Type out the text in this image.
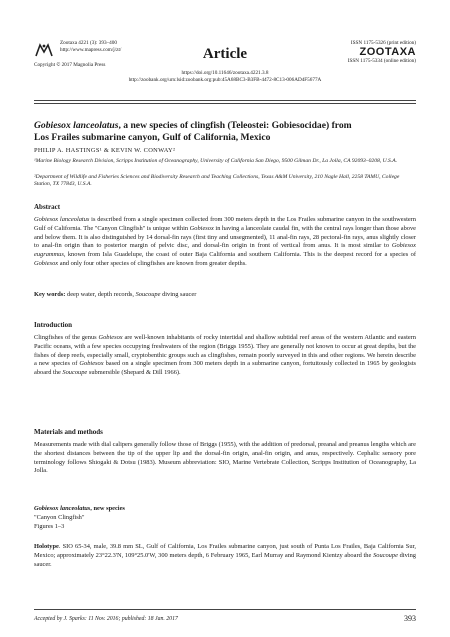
Zootaxa 4221 (3): 393–400
http://www.mapress.com/j/zt/
Copyright © 2017 Magnolia Press
Article
ISSN 1175-5326 (print edition)
ZOOTAXA
ISSN 1175-5334 (online edition)
https://doi.org/10.11646/zootaxa.4221.3.8
http://zoobank.org/urn:lsid:zoobank.org:pub:45A68BC3-B3FB-4472-8C13-006AD4F5677A
Gobiesox lanceolatus, a new species of clingfish (Teleostei: Gobiesocidae) from
Los Frailes submarine canyon, Gulf of California, Mexico
PHILIP A. HASTINGS¹ & KEVIN W. CONWAY²
¹Marine Biology Research Division, Scripps Institution of Oceanography, University of California San Diego, 9500 Gilman Dr., La Jolla, CA 92093–0208, U.S.A.
²Department of Wildlife and Fisheries Sciences and Biodiversity Research and Teaching Collections, Texas A&M University, 210 Nagle Hall, 2258 TAMU, College Station, TX 77843, U.S.A.
Abstract
Gobiesox lanceolatus is described from a single specimen collected from 300 meters depth in the Los Frailes submarine canyon in the southwestern Gulf of California. The "Canyon Clingfish" is unique within Gobiesox in having a lanceolate caudal fin, with the central rays longer than those above and below them. It is also distinguished by 14 dorsal-fin rays (first tiny and unsegmented), 11 anal-fin rays, 28 pectoral-fin rays, anus slightly closer to anal-fin origin than to posterior margin of pelvic disc, and dorsal-fin origin in front of vertical from anus. It is most similar to Gobiesox eugrammus, known from Isla Guadelupe, the coast of outer Baja California and southern California. This is the deepest record for a species of Gobiesox and only four other species of clingfishes are known from greater depths.
Key words: deep water, depth records, Soucoupe diving saucer
Introduction
Clingfishes of the genus Gobiesox are well-known inhabitants of rocky intertidal and shallow subtidal reef areas of the western Atlantic and eastern Pacific oceans, with a few species occupying freshwaters of the region (Briggs 1955). They are generally not known to occur at great depths, but the fishes of deep reefs, especially small, cryptobenthic groups such as clingfishes, remain poorly surveyed in this and other regions. We herein describe a new species of Gobiesox based on a single specimen from 300 meters depth in a submarine canyon, fortuitously collected in 1965 by geologists aboard the Soucoupe submersible (Shepard & Dill 1966).
Materials and methods
Measurements made with dial calipers generally follow those of Briggs (1955), with the addition of predorsal, preanal and preanus lengths which are the shortest distances between the tip of the upper lip and the dorsal-fin origin, anal-fin origin, and anus, respectively. Cephalic sensory pore terminology follows Shiogaki & Dotsu (1983). Museum abbreviation: SIO, Marine Vertebrate Collection, Scripps Institution of Oceanography, La Jolla.
Gobiesox lanceolatus, new species
"Canyon Clingfish"
Figures 1–3
Holotype. SIO 65-34, male, 39.8 mm SL, Gulf of California, Los Frailes submarine canyon, just south of Punta Los Frailes, Baja California Sur, Mexico; approximately 23°22.3'N, 109°25.0'W, 300 meters depth, 6 February 1965, Earl Murray and Raymond Kientzy aboard the Soucoupe diving saucer.
Accepted by J. Sparks: 11 Nov. 2016; published: 18 Jan. 2017	393
